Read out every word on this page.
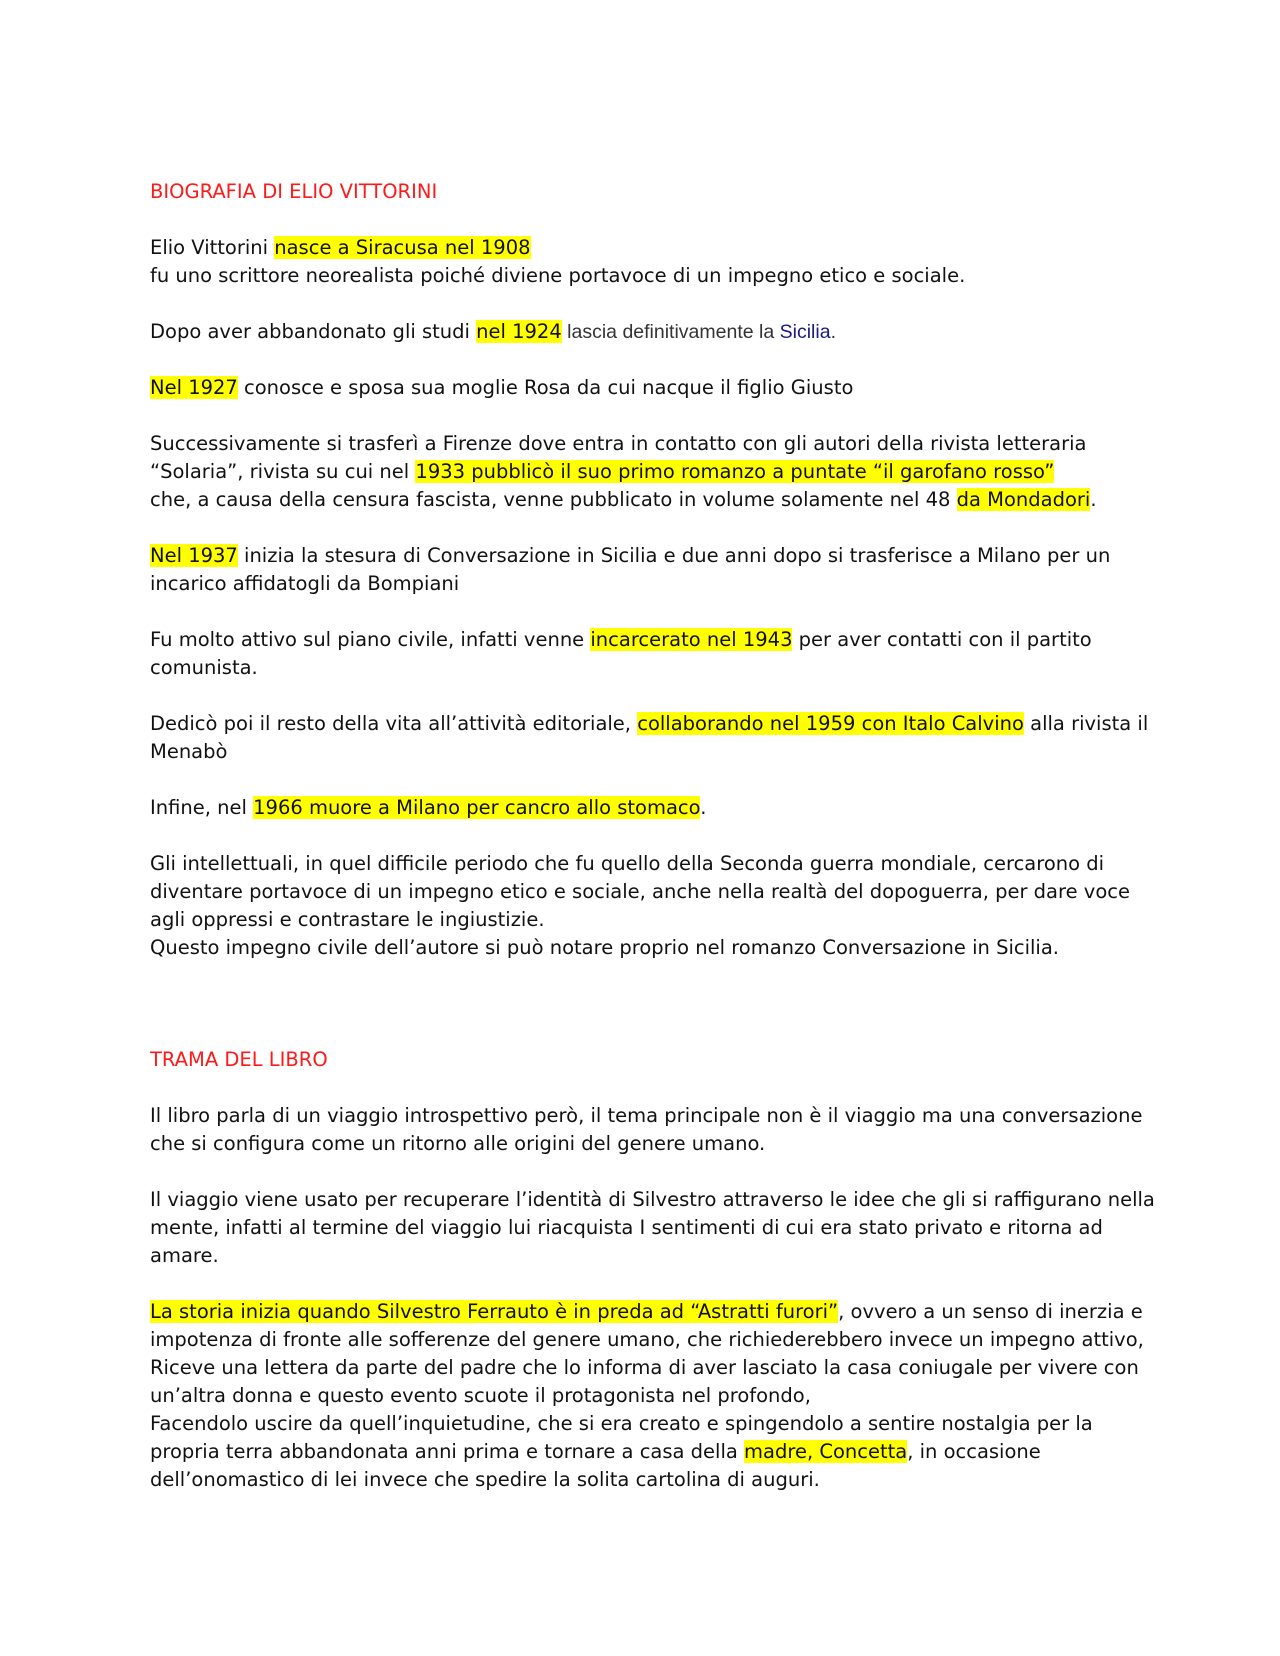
BIOGRAFIA DI ELIO VITTORINI

Elio Vittorini nasce a Siracusa nel 1908
fu uno scrittore neorealista poiché diviene portavoce di un impegno etico e sociale.

Dopo aver abbandonato gli studi nel 1924 lascia definitivamente la Sicilia.

Nel 1927 conosce e sposa sua moglie Rosa da cui nacque il figlio Giusto

Successivamente si trasferì a Firenze dove entra in contatto con gli autori della rivista letteraria “Solaria”, rivista su cui nel 1933 pubblicò il suo primo romanzo a puntate “il garofano rosso”
che, a causa della censura fascista, venne pubblicato in volume solamente nel 48 da Mondadori.

Nel 1937 inizia la stesura di Conversazione in Sicilia e due anni dopo si trasferisce a Milano per un incarico affidatogli da Bompiani

Fu molto attivo sul piano civile, infatti venne incarcerato nel 1943 per aver contatti con il partito comunista.

Dedicò poi il resto della vita all’attività editoriale, collaborando nel 1959 con Italo Calvino alla rivista il Menabò

Infine, nel 1966 muore a Milano per cancro allo stomaco.

Gli intellettuali, in quel difficile periodo che fu quello della Seconda guerra mondiale, cercarono di diventare portavoce di un impegno etico e sociale, anche nella realtà del dopoguerra, per dare voce agli oppressi e contrastare le ingiustizie.
Questo impegno civile dell’autore si può notare proprio nel romanzo Conversazione in Sicilia.

TRAMA DEL LIBRO

Il libro parla di un viaggio introspettivo però, il tema principale non è il viaggio ma una conversazione che si configura come un ritorno alle origini del genere umano.

Il viaggio viene usato per recuperare l’identità di Silvestro attraverso le idee che gli si raffigurano nella mente, infatti al termine del viaggio lui riacquista I sentimenti di cui era stato privato e ritorna ad amare.

La storia inizia quando Silvestro Ferrauto è in preda ad “Astratti furori”, ovvero a un senso di inerzia e impotenza di fronte alle sofferenze del genere umano, che richiederebbero invece un impegno attivo,
Riceve una lettera da parte del padre che lo informa di aver lasciato la casa coniugale per vivere con un’altra donna e questo evento scuote il protagonista nel profondo,
Facendolo uscire da quell’inquietudine, che si era creato e spingendolo a sentire nostalgia per la propria terra abbandonata anni prima e tornare a casa della madre, Concetta, in occasione dell’onomastico di lei invece che spedire la solita cartolina di auguri.
